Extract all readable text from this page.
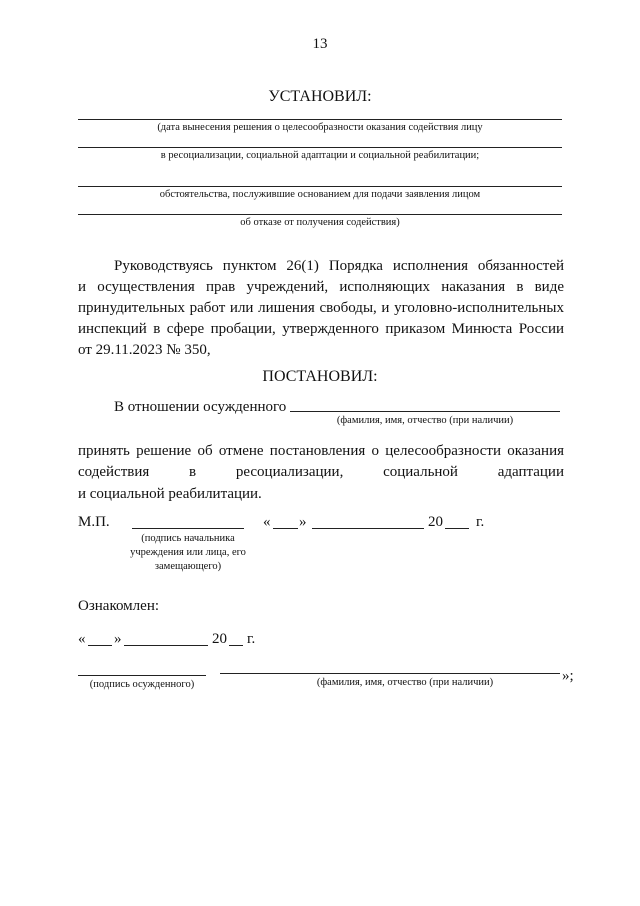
13
УСТАНОВИЛ:
(дата вынесения решения о целесообразности оказания содействия лицу
в ресоциализации, социальной адаптации и социальной реабилитации;
обстоятельства, послужившие основанием для подачи заявления лицом
об отказе от получения содействия)
Руководствуясь пунктом 26(1) Порядка исполнения обязанностей
и осуществления прав учреждений, исполняющих наказания в виде
принудительных работ или лишения свободы, и уголовно-исполнительных
инспекций в сфере пробации, утвержденного приказом Минюста России
от 29.11.2023 № 350,
ПОСТАНОВИЛ:
В отношении осужденного
(фамилия, имя, отчество (при наличии)
принять решение об отмене постановления о целесообразности оказания
содействия	в	ресоциализации,	социальной	адаптации
и социальной реабилитации.
М.П.
(подпись начальника учреждения или лица, его замещающего)
« »	20 г.
Ознакомлен:
« »	20 г.
(подпись осужденного)	(фамилия, имя, отчество (при наличии)	»;
